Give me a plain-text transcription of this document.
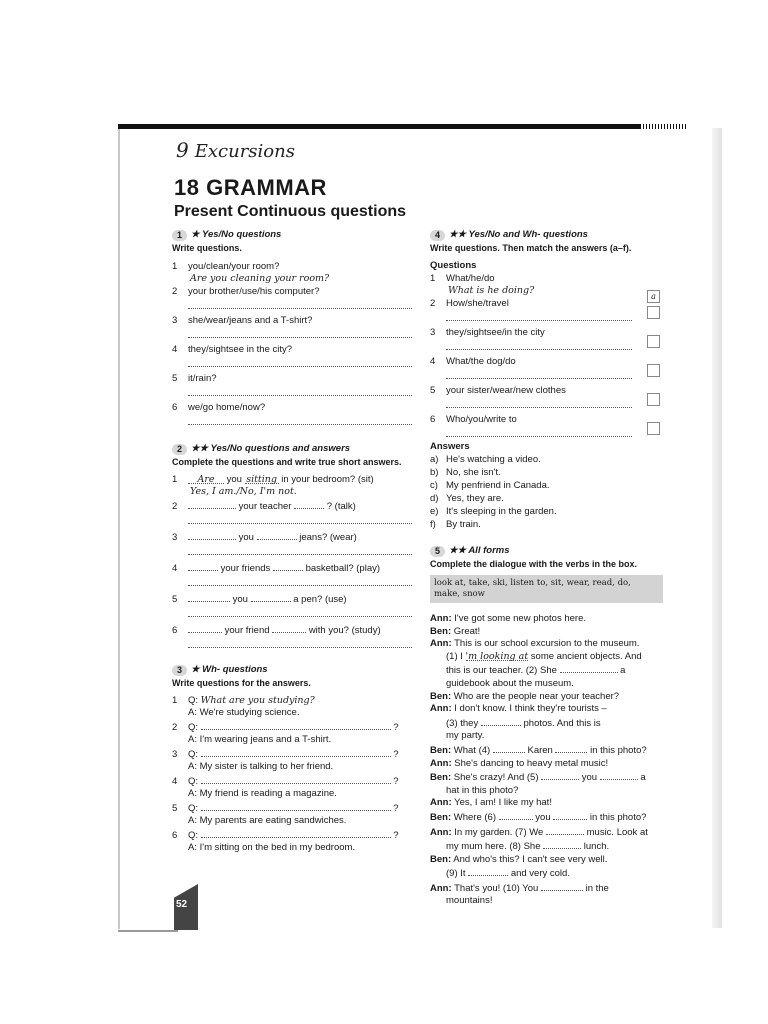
52
9 Excursions
18 GRAMMAR
Present Continuous questions
1 ★ Yes/No questions
Write questions.
1 you/clean/your room?
Are you cleaning your room?
2 your brother/use/his computer?
3 she/wear/jeans and a T-shirt?
4 they/sightsee in the city?
5 it/rain?
6 we/go home/now?
2 ★★ Yes/No questions and answers
Complete the questions and write true short answers.
1 Are you sitting in your bedroom? (sit)
Yes, I am./No, I'm not.
2	your teacher	? (talk)
3	you	jeans? (wear)
4	your friends	basketball? (play)
5	you	a pen? (use)
6	your friend	with you? (study)
3 ★ Wh- questions
Write questions for the answers.
1 Q: What are you studying?
A: We're studying science.
2 Q:	?
A: I'm wearing jeans and a T-shirt.
3 Q:	?
A: My sister is talking to her friend.
4 Q:	?
A: My friend is reading a magazine.
5 Q:	?
A: My parents are eating sandwiches.
6 Q:	?
A: I'm sitting on the bed in my bedroom.
4 ★★ Yes/No and Wh- questions
Write questions. Then match the answers (a–f).
Questions
1 What/he/do
What is he doing?
a
2 How/she/travel
3 they/sightsee/in the city
4 What/the dog/do
5 your sister/wear/new clothes
6 Who/you/write to
Answers
a) He's watching a video.
b) No, she isn't.
c) My penfriend in Canada.
d) Yes, they are.
e) It's sleeping in the garden.
f) By train.
5 ★★ All forms
Complete the dialogue with the verbs in the box.
look at, take, ski, listen to, sit, wear, read, do, make, snow
Ann: I've got some new photos here.
Ben: Great!
Ann: This is our school excursion to the museum.
(1) I 'm looking at some ancient objects. And
this is our teacher. (2) She	a
guidebook about the museum.
Ben: Who are the people near your teacher?
Ann: I don't know. I think they're tourists –
(3) they	photos. And this is
my party.
Ben: What (4)	Karen	in this photo?
Ann: She's dancing to heavy metal music!
Ben: She's crazy! And (5)	you	a
hat in this photo?
Ann: Yes, I am! I like my hat!
Ben: Where (6)	you	in this photo?
Ann: In my garden. (7) We	music. Look at
my mum here. (8) She	lunch.
Ben: And who's this? I can't see very well.
(9) It	and very cold.
Ann: That's you! (10) You	in the
mountains!
